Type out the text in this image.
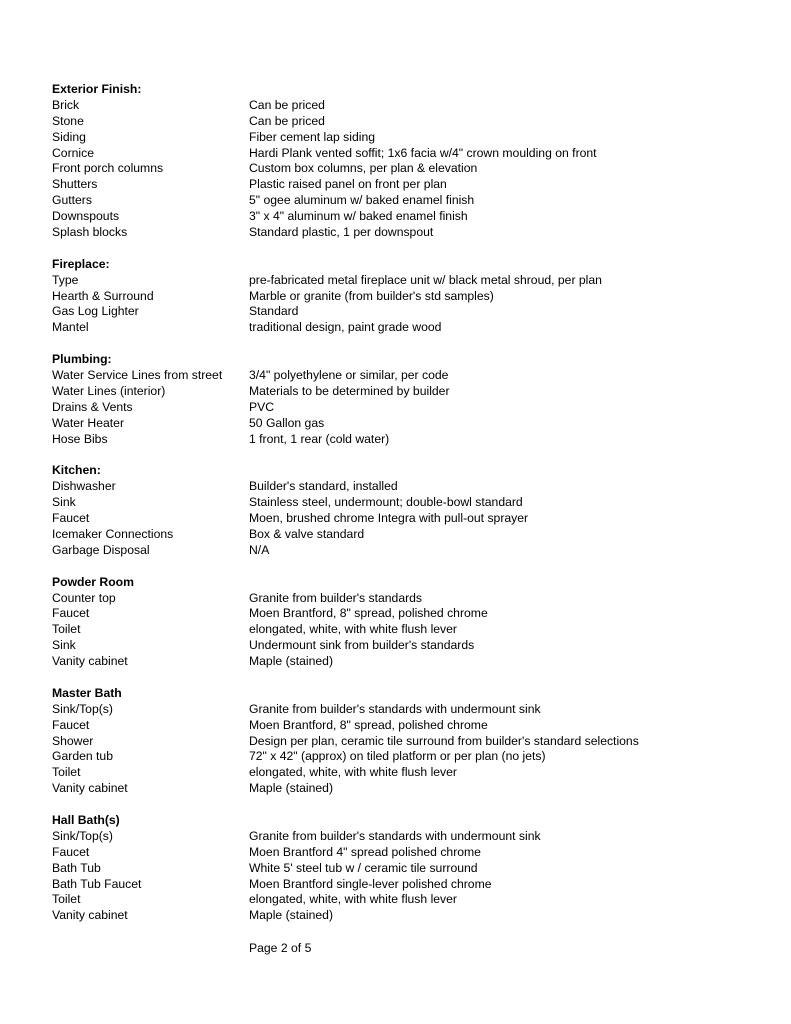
Exterior Finish:
Brick	Can be priced
Stone	Can be priced
Siding	Fiber cement lap siding
Cornice	Hardi Plank vented soffit; 1x6 facia w/4" crown moulding on front
Front porch columns	Custom box columns, per plan & elevation
Shutters	Plastic raised panel on front per plan
Gutters	5" ogee aluminum w/ baked enamel finish
Downspouts	3" x 4" aluminum w/ baked enamel finish
Splash blocks	Standard plastic, 1 per downspout
Fireplace:
Type	pre-fabricated metal fireplace unit w/ black metal shroud, per plan
Hearth & Surround	Marble or granite (from builder's std samples)
Gas Log Lighter	Standard
Mantel	traditional design, paint grade wood
Plumbing:
Water Service Lines from street	3/4" polyethylene or similar, per code
Water Lines (interior)	Materials to be determined by builder
Drains & Vents	PVC
Water Heater	50 Gallon gas
Hose Bibs	1 front, 1 rear (cold water)
Kitchen:
Dishwasher	Builder's standard, installed
Sink	Stainless steel, undermount; double-bowl standard
Faucet	Moen, brushed chrome Integra with pull-out sprayer
Icemaker Connections	Box & valve standard
Garbage Disposal	N/A
Powder Room
Counter top	Granite from builder's standards
Faucet	Moen Brantford, 8" spread, polished chrome
Toilet	elongated, white, with white flush lever
Sink	Undermount sink from builder's standards
Vanity cabinet	Maple (stained)
Master Bath
Sink/Top(s)	Granite from builder's standards with undermount sink
Faucet	Moen Brantford, 8" spread, polished chrome
Shower	Design per plan, ceramic tile surround from builder's standard selections
Garden tub	72" x 42" (approx) on tiled platform or per plan (no jets)
Toilet	elongated, white, with white flush lever
Vanity cabinet	Maple (stained)
Hall Bath(s)
Sink/Top(s)	Granite from builder's standards with undermount sink
Faucet	Moen Brantford 4" spread polished chrome
Bath Tub	White 5' steel tub w / ceramic tile surround
Bath Tub Faucet	Moen Brantford single-lever polished chrome
Toilet	elongated, white, with white flush lever
Vanity cabinet	Maple (stained)
Page 2 of 5
